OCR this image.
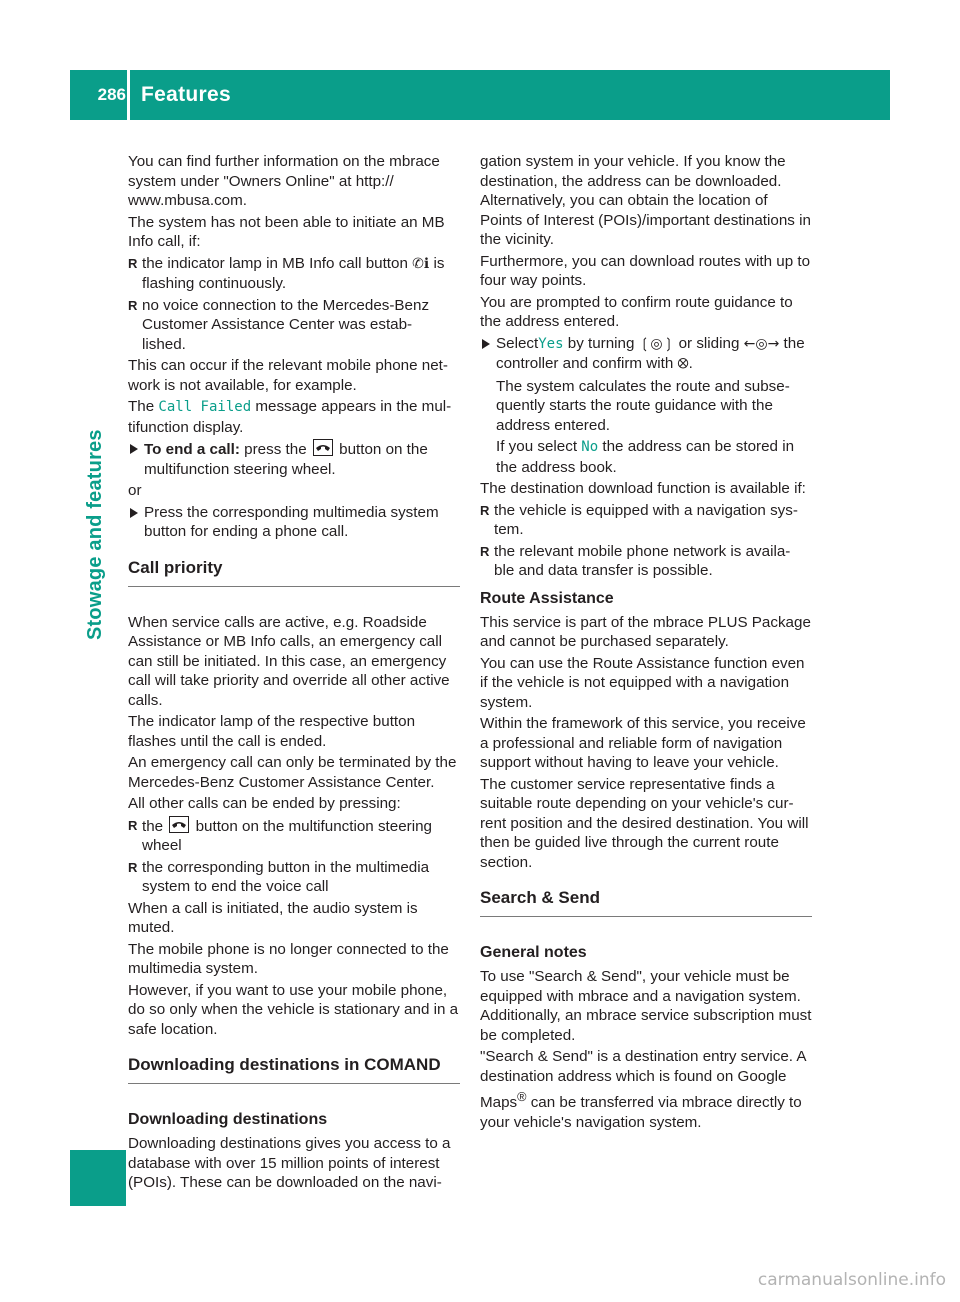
286 Features
Stowage and features

You can find further information on the mbrace system under "Owners Online" at http:// www.mbusa.com.

The system has not been able to initiate an MB Info call, if:

R the indicator lamp in MB Info call button ✆ℹ is flashing continuously.
R no voice connection to the Mercedes-Benz Customer Assistance Center was estab- lished.

This can occur if the relevant mobile phone net- work is not available, for example.

The Call Failed message appears in the mul- tifunction display.

To end a call: press the button on the multifunction steering wheel.

or

Press the corresponding multimedia system button for ending a phone call.
Call priority

When service calls are active, e.g. Roadside Assistance or MB Info calls, an emergency call can still be initiated. In this case, an emergency call will take priority and override all other active calls.

The indicator lamp of the respective button flashes until the call is ended.

An emergency call can only be terminated by the Mercedes-Benz Customer Assistance Center.

All other calls can be ended by pressing:

R the button on the multifunction steering wheel
R the corresponding button in the multimedia system to end the voice call

When a call is initiated, the audio system is muted.

The mobile phone is no longer connected to the multimedia system.

However, if you want to use your mobile phone, do so only when the vehicle is stationary and in a safe location.

Downloading destinations in COMAND
Downloading destinations

Downloading destinations gives you access to a database with over 15 million points of interest (POIs). These can be downloaded on the navi-

gation system in your vehicle. If you know the destination, the address can be downloaded. Alternatively, you can obtain the location of Points of Interest (POIs)/important destinations in the vicinity.

Furthermore, you can download routes with up to four way points.

You are prompted to confirm route guidance to the address entered.

SelectYes by turning ❲◎❳ or sliding ←◎→ the controller and confirm with ⭙.

The system calculates the route and subse- quently starts the route guidance with the address entered.

If you select No the address can be stored in the address book.

The destination download function is available if:

R the vehicle is equipped with a navigation sys- tem.
R the relevant mobile phone network is availa- ble and data transfer is possible.
Route Assistance

This service is part of the mbrace PLUS Package and cannot be purchased separately.

You can use the Route Assistance function even if the vehicle is not equipped with a navigation system.

Within the framework of this service, you receive a professional and reliable form of navigation support without having to leave your vehicle.

The customer service representative finds a suitable route depending on your vehicle's cur- rent position and the desired destination. You will then be guided live through the current route section.

Search & Send
General notes

To use "Search & Send", your vehicle must be equipped with mbrace and a navigation system. Additionally, an mbrace service subscription must be completed.

"Search & Send" is a destination entry service. A destination address which is found on Google

Maps® can be transferred via mbrace directly to your vehicle's navigation system.

carmanualsonline.info
